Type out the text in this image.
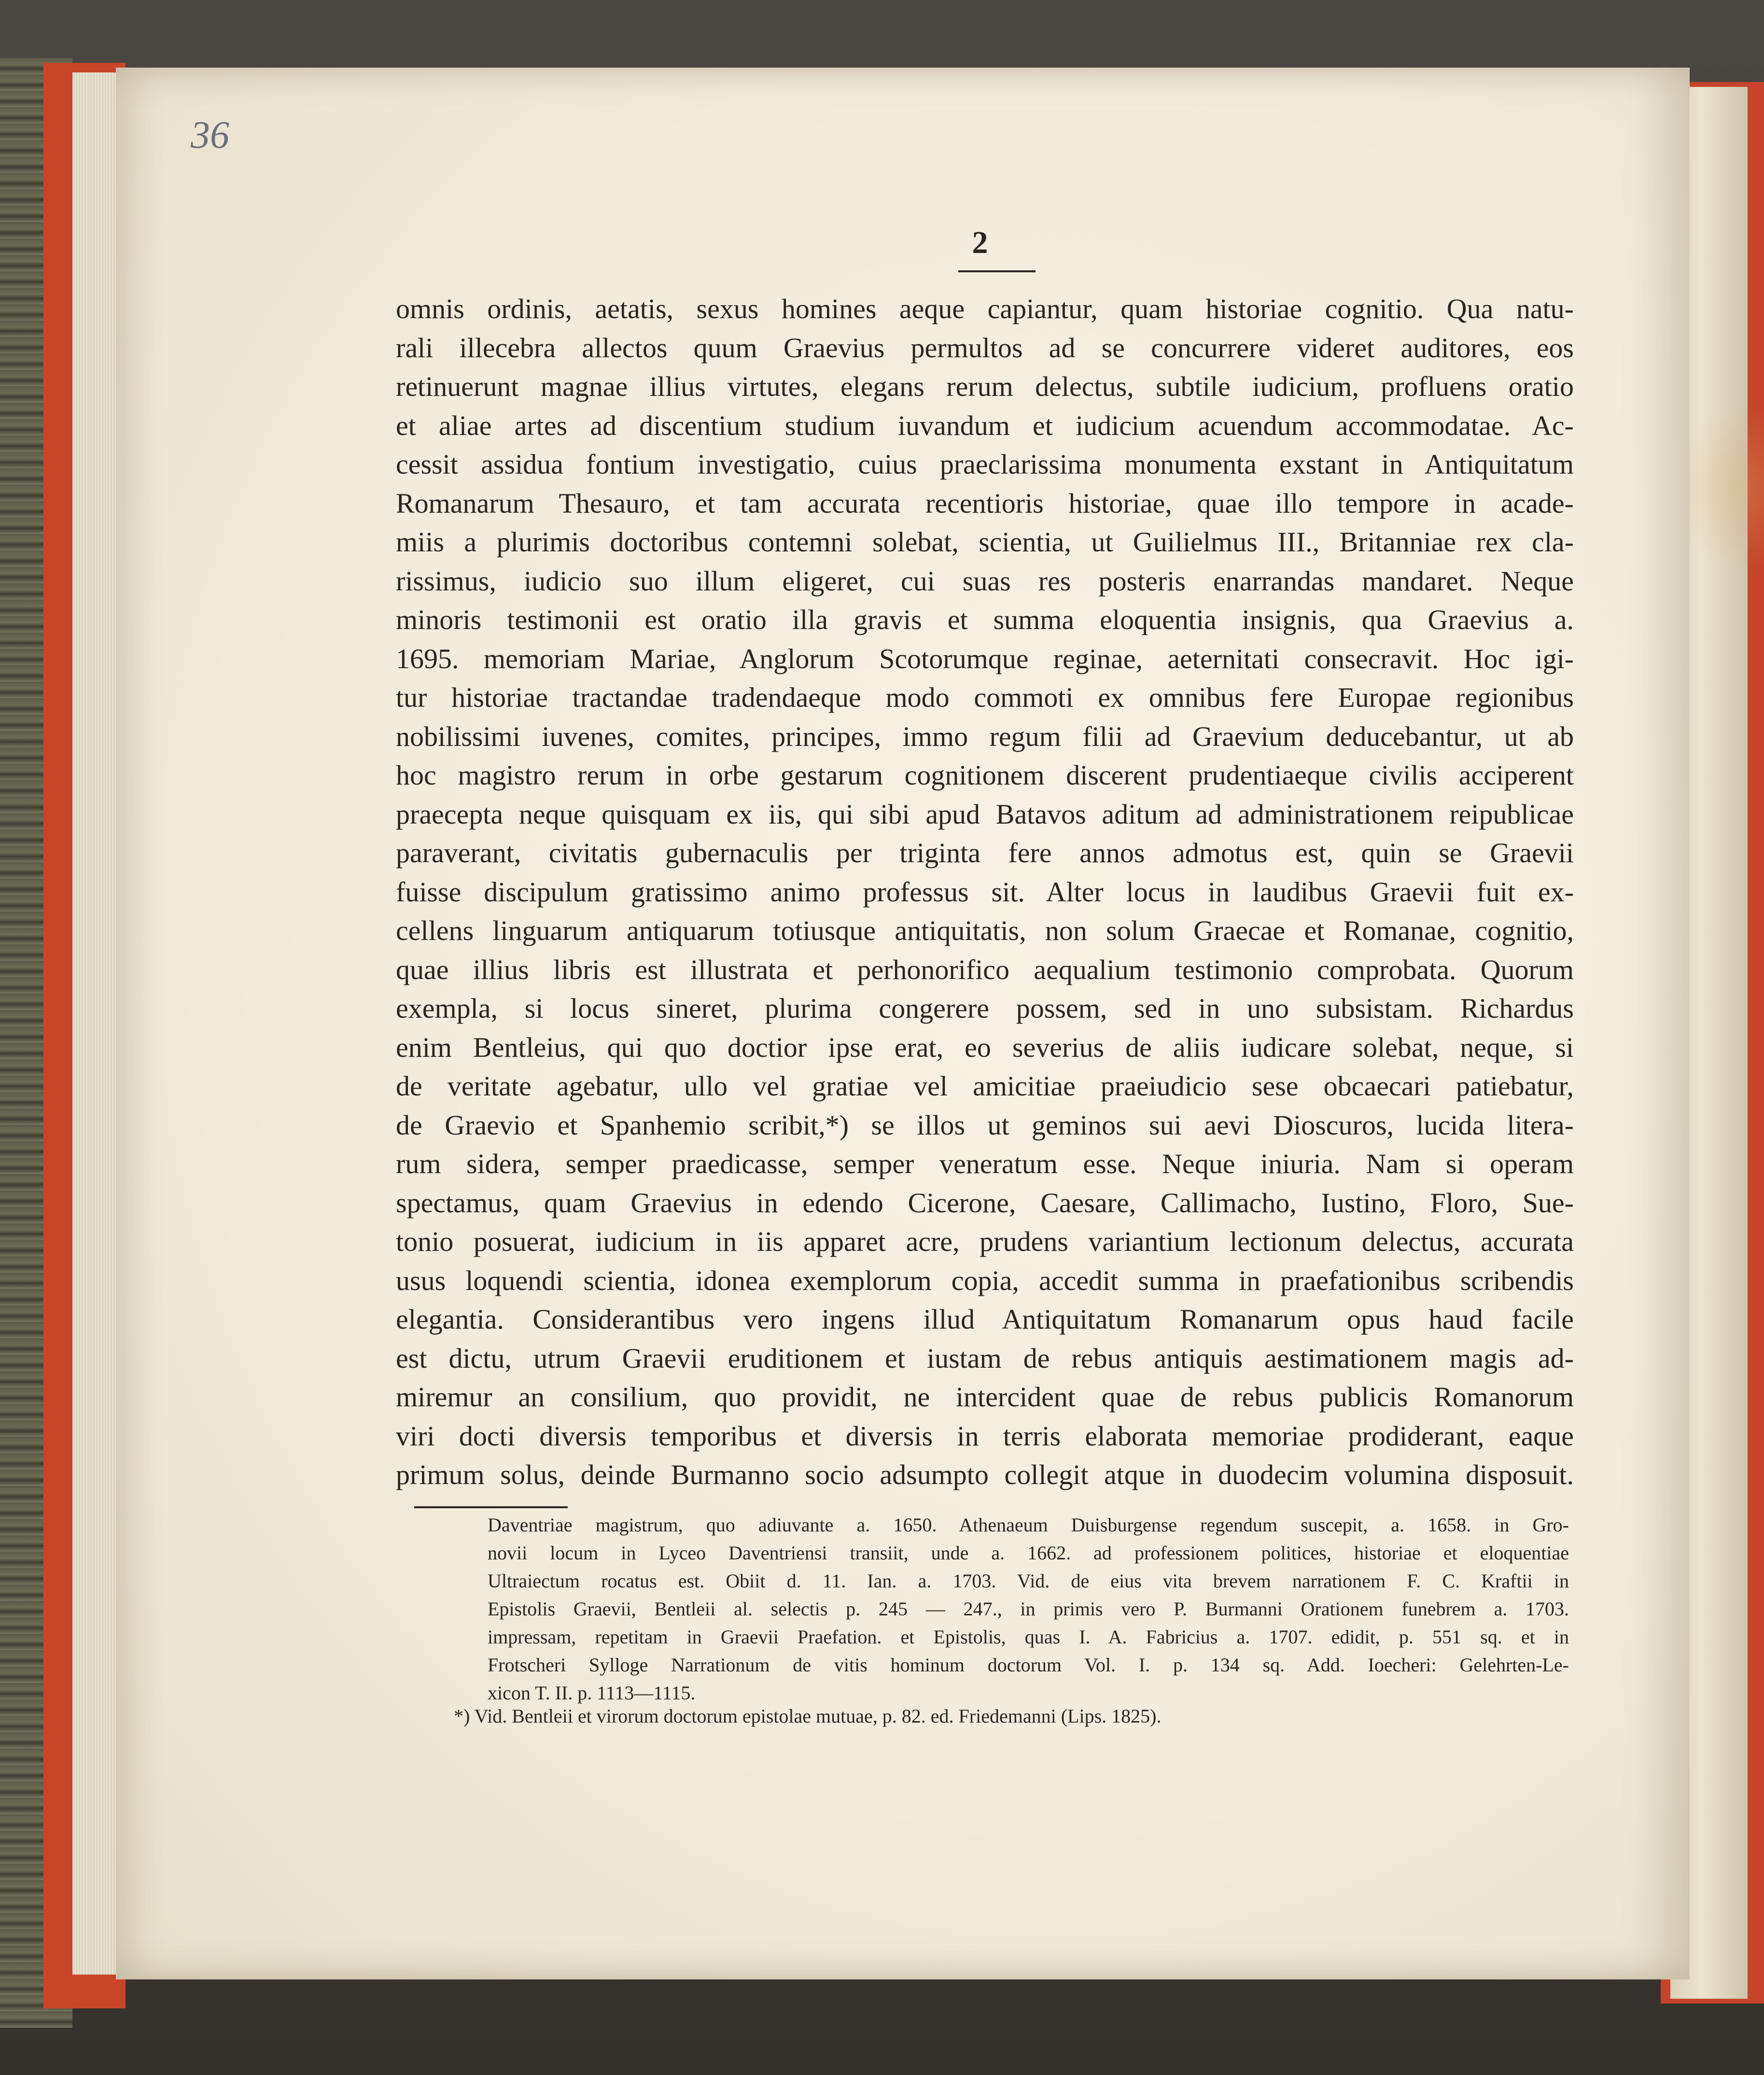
36
2
omnis ordinis, aetatis, sexus homines aeque capiantur, quam historiae cognitio. Qua natu-
rali illecebra allectos quum Graevius permultos ad se concurrere videret auditores, eos
retinuerunt magnae illius virtutes, elegans rerum delectus, subtile iudicium, profluens oratio
et aliae artes ad discentium studium iuvandum et iudicium acuendum accommodatae. Ac-
cessit assidua fontium investigatio, cuius praeclarissima monumenta exstant in Antiquitatum
Romanarum Thesauro, et tam accurata recentioris historiae, quae illo tempore in acade-
miis a plurimis doctoribus contemni solebat, scientia, ut Guilielmus III., Britanniae rex cla-
rissimus, iudicio suo illum eligeret, cui suas res posteris enarrandas mandaret. Neque
minoris testimonii est oratio illa gravis et summa eloquentia insignis, qua Graevius a.
1695. memoriam Mariae, Anglorum Scotorumque reginae, aeternitati consecravit. Hoc igi-
tur historiae tractandae tradendaeque modo commoti ex omnibus fere Europae regionibus
nobilissimi iuvenes, comites, principes, immo regum filii ad Graevium deducebantur, ut ab
hoc magistro rerum in orbe gestarum cognitionem discerent prudentiaeque civilis acciperent
praecepta neque quisquam ex iis, qui sibi apud Batavos aditum ad administrationem reipublicae
paraverant, civitatis gubernaculis per triginta fere annos admotus est, quin se Graevii
fuisse discipulum gratissimo animo professus sit. Alter locus in laudibus Graevii fuit ex-
cellens linguarum antiquarum totiusque antiquitatis, non solum Graecae et Romanae, cognitio,
quae illius libris est illustrata et perhonorifico aequalium testimonio comprobata. Quorum
exempla, si locus sineret, plurima congerere possem, sed in uno subsistam. Richardus
enim Bentleius, qui quo doctior ipse erat, eo severius de aliis iudicare solebat, neque, si
de veritate agebatur, ullo vel gratiae vel amicitiae praeiudicio sese obcaecari patiebatur,
de Graevio et Spanhemio scribit,*) se illos ut geminos sui aevi Dioscuros, lucida litera-
rum sidera, semper praedicasse, semper veneratum esse. Neque iniuria. Nam si operam
spectamus, quam Graevius in edendo Cicerone, Caesare, Callimacho, Iustino, Floro, Sue-
tonio posuerat, iudicium in iis apparet acre, prudens variantium lectionum delectus, accurata
usus loquendi scientia, idonea exemplorum copia, accedit summa in praefationibus scribendis
elegantia. Considerantibus vero ingens illud Antiquitatum Romanarum opus haud facile
est dictu, utrum Graevii eruditionem et iustam de rebus antiquis aestimationem magis ad-
miremur an consilium, quo providit, ne intercident quae de rebus publicis Romanorum
viri docti diversis temporibus et diversis in terris elaborata memoriae prodiderant, eaque
primum solus, deinde Burmanno socio adsumpto collegit atque in duodecim volumina disposuit.
Daventriae magistrum, quo adiuvante a. 1650. Athenaeum Duisburgense regendum suscepit, a. 1658. in Gro-
novii locum in Lyceo Daventriensi transiit, unde a. 1662. ad professionem politices, historiae et eloquentiae
Ultraiectum rocatus est. Obiit d. 11. Ian. a. 1703. Vid. de eius vita brevem narrationem F. C. Kraftii in
Epistolis Graevii, Bentleii al. selectis p. 245 — 247., in primis vero P. Burmanni Orationem funebrem a. 1703.
impressam, repetitam in Graevii Praefation. et Epistolis, quas I. A. Fabricius a. 1707. edidit, p. 551 sq. et in
Frotscheri Sylloge Narrationum de vitis hominum doctorum Vol. I. p. 134 sq. Add. Ioecheri: Gelehrten-Le-
xicon T. II. p. 1113—1115.
*) Vid. Bentleii et virorum doctorum epistolae mutuae, p. 82. ed. Friedemanni (Lips. 1825).
